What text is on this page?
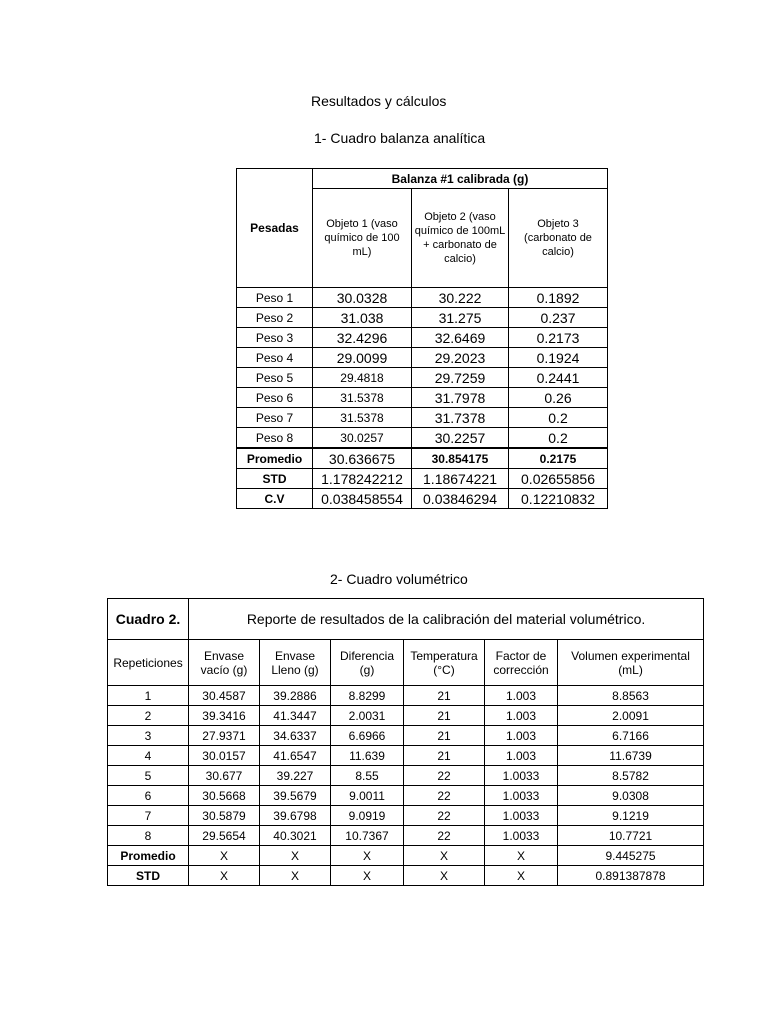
Resultados y cálculos
1- Cuadro balanza analítica
Pesadas	Balanza #1 calibrada (g)		
	Objeto 1 (vaso químico de 100 mL)	Objeto 2 (vaso químico de 100mL + carbonato de calcio)	Objeto 3 (carbonato de calcio)
Peso 1	30.0328	30.222	0.1892
Peso 2	31.038	31.275	0.237
Peso 3	32.4296	32.6469	0.2173
Peso 4	29.0099	29.2023	0.1924
Peso 5	29.4818	29.7259	0.2441
Peso 6	31.5378	31.7978	0.26
Peso 7	31.5378	31.7378	0.2
Peso 8	30.0257	30.2257	0.2
Promedio	30.636675	30.854175	0.2175
STD	1.178242212	1.18674221	0.02655856
C.V	0.038458554	0.03846294	0.12210832
2- Cuadro volumétrico
Cuadro 2.	Reporte de resultados de la calibración del material volumétrico.					
Repeticiones	Envase vacío (g)	Envase Lleno (g)	Diferencia (g)	Temperatura (°C)	Factor de corrección	Volumen experimental (mL)
1	30.4587	39.2886	8.8299	21	1.003	8.8563
2	39.3416	41.3447	2.0031	21	1.003	2.0091
3	27.9371	34.6337	6.6966	21	1.003	6.7166
4	30.0157	41.6547	11.639	21	1.003	11.6739
5	30.677	39.227	8.55	22	1.0033	8.5782
6	30.5668	39.5679	9.0011	22	1.0033	9.0308
7	30.5879	39.6798	9.0919	22	1.0033	9.1219
8	29.5654	40.3021	10.7367	22	1.0033	10.7721
Promedio	X	X	X	X	X	9.445275
STD	X	X	X	X	X	0.891387878
